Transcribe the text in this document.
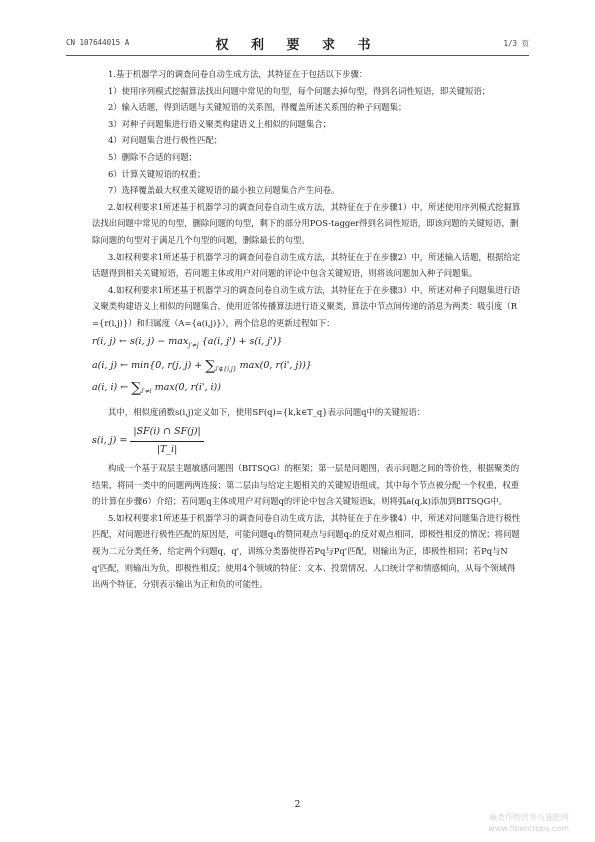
CN 107644015 A	权 利 要 求 书	1/3 页

1.基于机器学习的调查问卷自动生成方法，其特征在于包括以下步骤：

1）使用序列模式挖掘算法找出问题中常见的句型，每个问题去掉句型，得到名词性短语，即关键短语；

2）输入话题，得到话题与关键短语的关系图，得覆盖所述关系图的种子问题集；

3）对种子问题集进行语义聚类构建语义上相似的问题集合；

4）对问题集合进行极性匹配；

5）删除不合适的问题；

6）计算关键短语的权重；

7）选择覆盖最大权重关键短语的最小独立问题集合产生问卷。

2.如权利要求1所述基于机器学习的调查问卷自动生成方法，其特征在于在步骤1）中，所述使用序列模式挖掘算法找出问题中常见的句型，删除问题的句型，剩下的部分用POS-tagger得到名词性短语，即该问题的关键短语，删除问题的句型对于满足几个句型的问题，删除最长的句型。

3.如权利要求1所述基于机器学习的调查问卷自动生成方法，其特征在于在步骤2）中，所述输入话题，根据给定话题得到相关关键短语，若问题主体或用户对问题的评论中包含关键短语，则将该问题加入种子问题集。

4.如权利要求1所述基于机器学习的调查问卷自动生成方法，其特征在于在步骤3）中，所述对种子问题集进行语义聚类构建语义上相似的问题集合，使用近邻传播算法进行语义聚类，算法中节点间传递的消息为两类：吸引度（R={r(i,j)}）和归属度（A={a(i,j)}），两个信息的更新过程如下：

r(i, j) ← s(i, $j) - \max_{j'\ne j} \{a(i$, j') + s(i, j')}
a(i, j) ← min{0, r(j, $j) + \sum_{i'\notin\{i,j\}}$ max(0, r(i', j))}
a(i, i) ← $\sum_{i'\ne i}$ max(0, r(i', i))

其中，相似度函数s(i,j)定义如下，使用SF(q)={k,k∈T_q}表示问题q中的关键短语：

s(i, $j) = \frac{|SF(i) \cap SF(j)|}{|T\_i|}$

构成一个基于双层主题敏感问题图（BITSQG）的框架；第一层是问题图，表示问题之间的等价性，根据聚类的结果，将同一类中的问题两两连接；第二层由与给定主题相关的关键短语组成，其中每个节点被分配一个权重，权重的计算在步骤6）介绍；若问题q主体或用户对问题q的评论中包含关键短语k，则将弧a(q,k)添加到BITSQG中。

5.如权利要求1所述基于机器学习的调查问卷自动生成方法，其特征在于在步骤4）中，所述对问题集合进行极性匹配，对问题进行极性匹配的原因是，可能问题q₁的赞同观点与问题q₂的反对观点相同，即极性相反的情况；将问题视为二元分类任务，给定两个问题q，q'，训练分类器使得若Pq与Pq'匹配，则输出为正，即极性相同；若Pq与Nq'匹配，则输出为负，即极性相反；使用4个领域的特征：文本、投票情况、人口统计学和情感倾向，从每个领域得出两个特征，分别表示输出为正和负的可能性。

2
麻类作物营养与施肥网
www.fibercrops.com
